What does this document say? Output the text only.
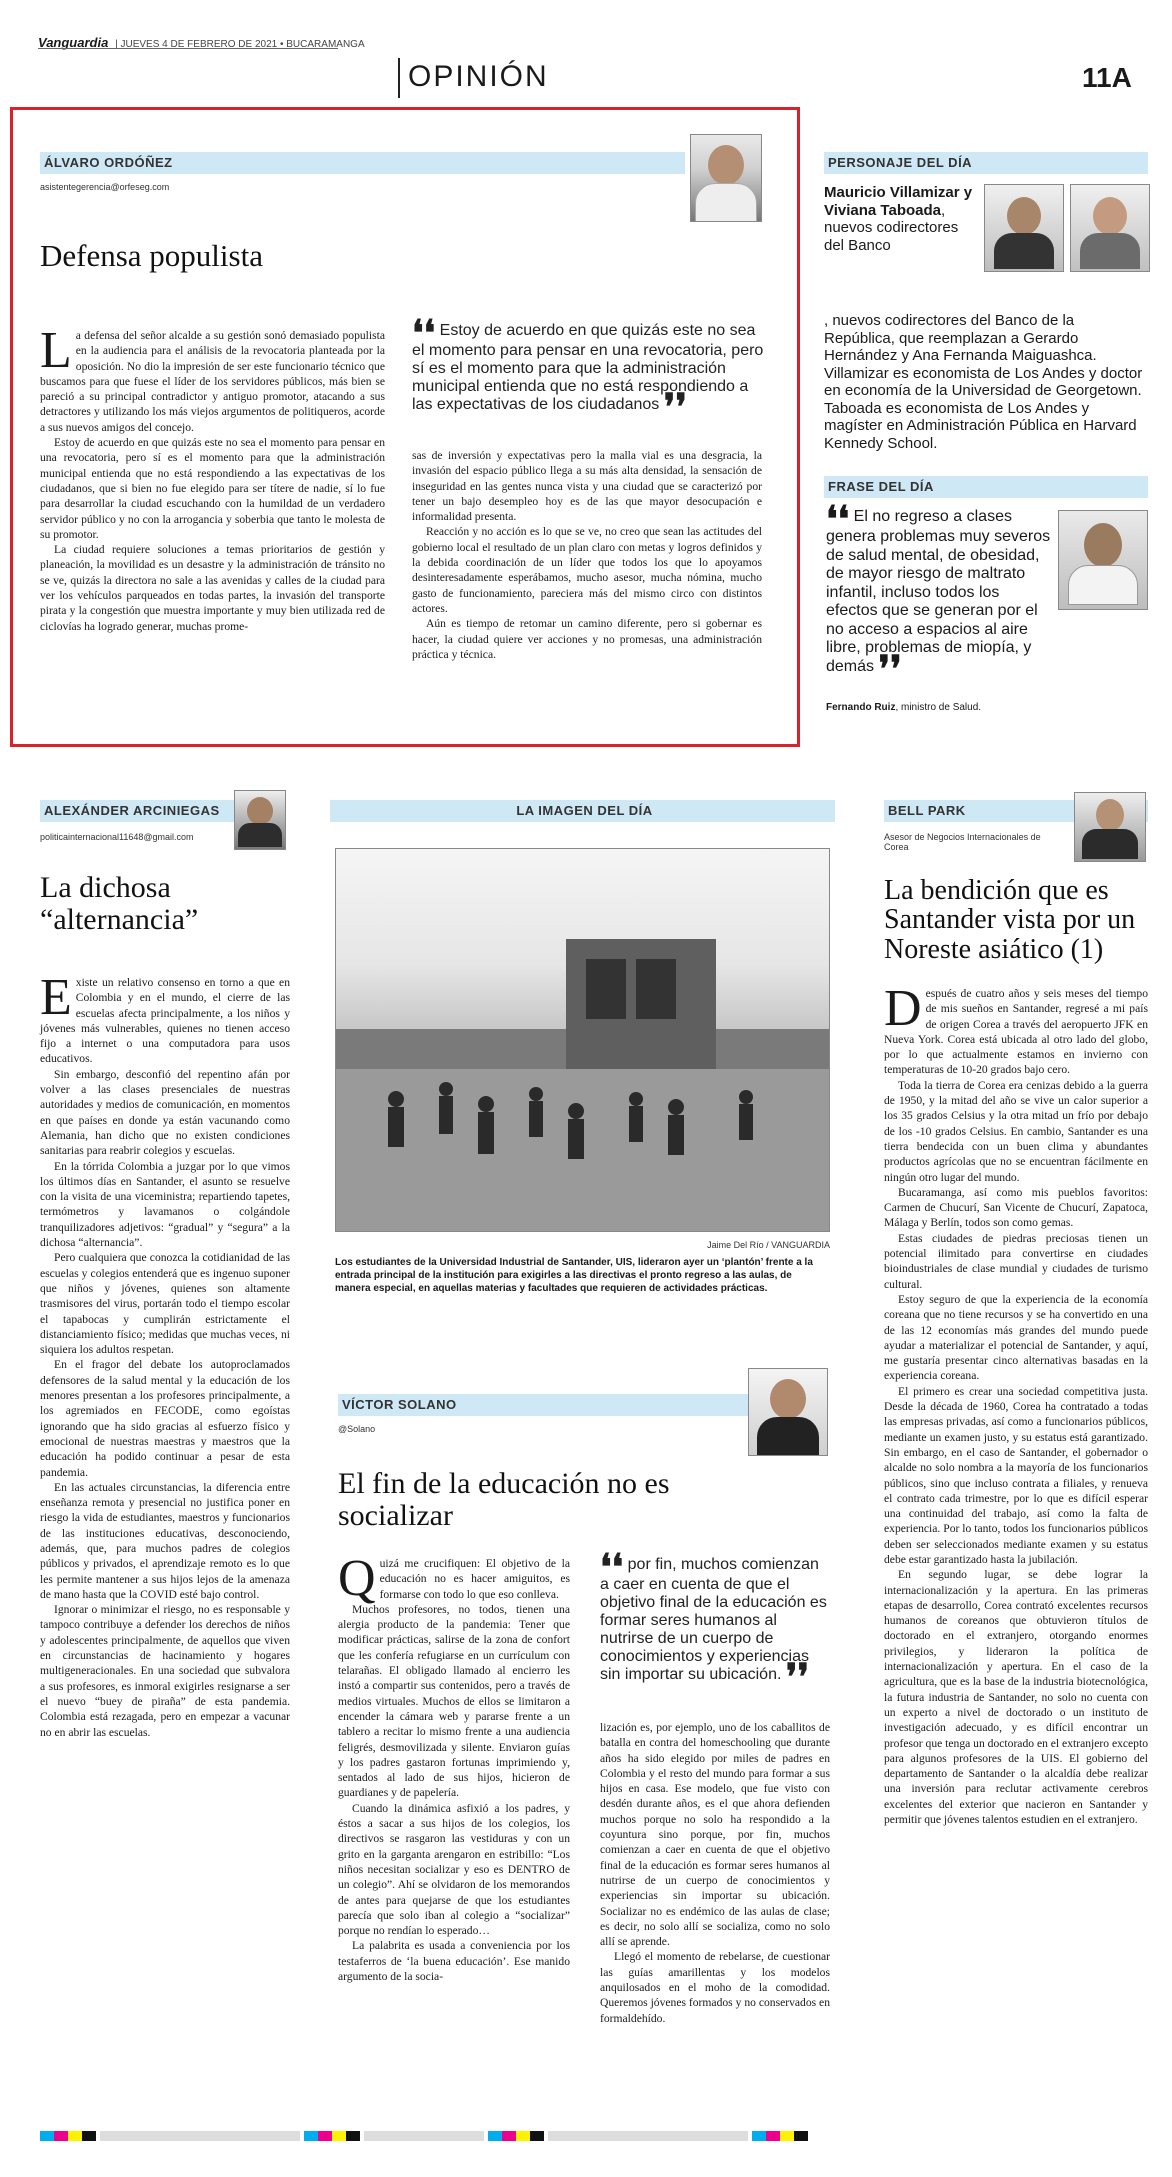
Vanguardia  | JUEVES 4 DE FEBRERO DE 2021 • BUCARAMANGA
OPINIÓN	11A
ÁLVARO ORDÓÑEZ
asistentegerencia@orfeseg.com
Defensa populista

La defensa del señor alcalde a su gestión sonó demasiado populista en la audiencia para el análisis de la revocatoria planteada por la oposición. No dio la impresión de ser este funcionario técnico que buscamos para que fuese el líder de los servidores públicos, más bien se pareció a su principal contradictor y antiguo promotor, atacando a sus detractores y utilizando los más viejos argumentos de politiqueros, acorde a sus nuevos amigos del concejo.

Estoy de acuerdo en que quizás este no sea el momento para pensar en una revocatoria, pero sí es el momento para que la administración municipal entienda que no está respondiendo a las expectativas de los ciudadanos, que si bien no fue elegido para ser títere de nadie, sí lo fue para desarrollar la ciudad escuchando con la humildad de un verdadero servidor público y no con la arrogancia y soberbia que tanto le molesta de su promotor.

La ciudad requiere soluciones a temas prioritarios de gestión y planeación, la movilidad es un desastre y la administración de tránsito no se ve, quizás la directora no sale a las avenidas y calles de la ciudad para ver los vehículos parqueados en todas partes, la invasión del transporte pirata y la congestión que muestra importante y muy bien utilizada red de ciclovías ha logrado generar, muchas prome-

❛❛ Estoy de acuerdo en que quizás este no sea el momento para pensar en una revocatoria, pero sí es el momento para que la administración municipal entienda que no está respondiendo a las expectativas de los ciudadanos ❜❜

sas de inversión y expectativas pero la malla vial es una desgracia, la invasión del espacio público llega a su más alta densidad, la sensación de inseguridad en las gentes nunca vista y una ciudad que se caracterizó por tener un bajo desempleo hoy es de las que mayor desocupación e informalidad presenta.

Reacción y no acción es lo que se ve, no creo que sean las actitudes del gobierno local el resultado de un plan claro con metas y logros definidos y la debida coordinación de un líder que todos los que lo apoyamos desinteresadamente esperábamos, mucho asesor, mucha nómina, mucho gasto de funcionamiento, pareciera más del mismo circo con distintos actores.

Aún es tiempo de retomar un camino diferente, pero si gobernar es hacer, la ciudad quiere ver acciones y no promesas, una administración práctica y técnica.

PERSONAJE DEL DÍA
Mauricio Villamizar y Viviana Taboada, nuevos codirectores del Banco
, nuevos codirectores del Banco de la República, que reemplazan a Gerardo Hernández y Ana Fernanda Maiguashca. Villamizar es economista de Los Andes y doctor en economía de la Universidad de Georgetown. Taboada es economista de Los Andes y magíster en Administración Pública en Harvard Kennedy School.
FRASE DEL DÍA
❛❛ El no regreso a clases genera problemas muy severos de salud mental, de obesidad, de mayor riesgo de maltrato infantil, incluso todos los efectos que se generan por el no acceso a espacios al aire libre, problemas de miopía, y demás ❜❜
Fernando Ruiz, ministro de Salud.
ALEXÁNDER ARCINIEGAS
politicainternacional11648@gmail.com
La dichosa “alternancia”

Existe un relativo consenso en torno a que en Colombia y en el mundo, el cierre de las escuelas afecta principalmente, a los niños y jóvenes más vulnerables, quienes no tienen acceso fijo a internet o una computadora para usos educativos.

Sin embargo, desconfió del repentino afán por volver a las clases presenciales de nuestras autoridades y medios de comunicación, en momentos en que países en donde ya están vacunando como Alemania, han dicho que no existen condiciones sanitarias para reabrir colegios y escuelas.

En la tórrida Colombia a juzgar por lo que vimos los últimos días en Santander, el asunto se resuelve con la visita de una viceministra; repartiendo tapetes, termómetros y lavamanos o colgándole tranquilizadores adjetivos: “gradual” y “segura” a la dichosa “alternancia”.

Pero cualquiera que conozca la cotidianidad de las escuelas y colegios entenderá que es ingenuo suponer que niños y jóvenes, quienes son altamente trasmisores del virus, portarán todo el tiempo escolar el tapabocas y cumplirán estrictamente el distanciamiento físico; medidas que muchas veces, ni siquiera los adultos respetan.

En el fragor del debate los autoproclamados defensores de la salud mental y la educación de los menores presentan a los profesores principalmente, a los agremiados en FECODE, como egoístas ignorando que ha sido gracias al esfuerzo físico y emocional de nuestras maestras y maestros que la educación ha podido continuar a pesar de esta pandemia.

En las actuales circunstancias, la diferencia entre enseñanza remota y presencial no justifica poner en riesgo la vida de estudiantes, maestros y funcionarios de las instituciones educativas, desconociendo, además, que, para muchos padres de colegios públicos y privados, el aprendizaje remoto es lo que les permite mantener a sus hijos lejos de la amenaza de mano hasta que la COVID esté bajo control.

Ignorar o minimizar el riesgo, no es responsable y tampoco contribuye a defender los derechos de niños y adolescentes principalmente, de aquellos que viven en circunstancias de hacinamiento y hogares multigeneracionales. En una sociedad que subvalora a sus profesores, es inmoral exigirles resignarse a ser el nuevo “buey de piraña” de esta pandemia. Colombia está rezagada, pero en empezar a vacunar no en abrir las escuelas.

LA IMAGEN DEL DÍA
Jaime Del Río / VANGUARDIA
Los estudiantes de la Universidad Industrial de Santander, UIS, lideraron ayer un ‘plantón’ frente a la entrada principal de la institución para exigirles a las directivas el pronto regreso a las aulas, de manera especial, en aquellas materias y facultades que requieren de actividades prácticas.
VÍCTOR SOLANO
@Solano
El fin de la educación no es socializar

Quizá me crucifiquen: El objetivo de la educación no es hacer amiguitos, es formarse con todo lo que eso conlleva.

Muchos profesores, no todos, tienen una alergia producto de la pandemia: Tener que modificar prácticas, salirse de la zona de confort que les confería refugiarse en un currículum con telarañas. El obligado llamado al encierro les instó a compartir sus contenidos, pero a través de medios virtuales. Muchos de ellos se limitaron a encender la cámara web y pararse frente a un tablero a recitar lo mismo frente a una audiencia feligrés, desmovilizada y silente. Enviaron guías y los padres gastaron fortunas imprimiendo y, sentados al lado de sus hijos, hicieron de guardianes y de papelería.

Cuando la dinámica asfixió a los padres, y éstos a sacar a sus hijos de los colegios, los directivos se rasgaron las vestiduras y con un grito en la garganta arengaron en estribillo: “Los niños necesitan socializar y eso es DENTRO de un colegio”. Ahí se olvidaron de los memorandos de antes para quejarse de que los estudiantes parecía que solo iban al colegio a “socializar” porque no rendían lo esperado…

La palabrita es usada a conveniencia por los testaferros de ‘la buena educación’. Ese manido argumento de la socia-

❛❛ por fin, muchos comienzan a caer en cuenta de que el objetivo final de la educación es formar seres humanos al nutrirse de un cuerpo de conocimientos y experiencias sin importar su ubicación. ❜❜

lización es, por ejemplo, uno de los caballitos de batalla en contra del homeschooling que durante años ha sido elegido por miles de padres en Colombia y el resto del mundo para formar a sus hijos en casa. Ese modelo, que fue visto con desdén durante años, es el que ahora defienden muchos porque no solo ha respondido a la coyuntura sino porque, por fin, muchos comienzan a caer en cuenta de que el objetivo final de la educación es formar seres humanos al nutrirse de un cuerpo de conocimientos y experiencias sin importar su ubicación. Socializar no es endémico de las aulas de clase; es decir, no solo allí se socializa, como no solo allí se aprende.

Llegó el momento de rebelarse, de cuestionar las guías amarillentas y los modelos anquilosados en el moho de la comodidad. Queremos jóvenes formados y no conservados en formaldehído.

BELL PARK
Asesor de Negocios Internacionales de Corea
La bendición que es Santander vista por un Noreste asiático (1)

Después de cuatro años y seis meses del tiempo de mis sueños en Santander, regresé a mi país de origen Corea a través del aeropuerto JFK en Nueva York. Corea está ubicada al otro lado del globo, por lo que actualmente estamos en invierno con temperaturas de 10-20 grados bajo cero.

Toda la tierra de Corea era cenizas debido a la guerra de 1950, y la mitad del año se vive un calor superior a los 35 grados Celsius y la otra mitad un frío por debajo de los -10 grados Celsius. En cambio, Santander es una tierra bendecida con un buen clima y abundantes productos agrícolas que no se encuentran fácilmente en ningún otro lugar del mundo.

Bucaramanga, así como mis pueblos favoritos: Carmen de Chucurí, San Vicente de Chucurí, Zapatoca, Málaga y Berlín, todos son como gemas.

Estas ciudades de piedras preciosas tienen un potencial ilimitado para convertirse en ciudades bioindustriales de clase mundial y ciudades de turismo cultural.

Estoy seguro de que la experiencia de la economía coreana que no tiene recursos y se ha convertido en una de las 12 economías más grandes del mundo puede ayudar a materializar el potencial de Santander, y aquí, me gustaría presentar cinco alternativas basadas en la experiencia coreana.

El primero es crear una sociedad competitiva justa. Desde la década de 1960, Corea ha contratado a todas las empresas privadas, así como a funcionarios públicos, mediante un examen justo, y su estatus está garantizado. Sin embargo, en el caso de Santander, el gobernador o alcalde no solo nombra a la mayoría de los funcionarios públicos, sino que incluso contrata a filiales, y renueva el contrato cada trimestre, por lo que es difícil esperar una continuidad del trabajo, así como la falta de experiencia. Por lo tanto, todos los funcionarios públicos deben ser seleccionados mediante examen y su estatus debe estar garantizado hasta la jubilación.

En segundo lugar, se debe lograr la internacionalización y la apertura. En las primeras etapas de desarrollo, Corea contrató excelentes recursos humanos de coreanos que obtuvieron títulos de doctorado en el extranjero, otorgando enormes privilegios, y lideraron la política de internacionalización y apertura. En el caso de la agricultura, que es la base de la industria biotecnológica, la futura industria de Santander, no solo no cuenta con un experto a nivel de doctorado o un instituto de investigación adecuado, y es difícil encontrar un profesor que tenga un doctorado en el extranjero excepto para algunos profesores de la UIS. El gobierno del departamento de Santander o la alcaldía debe realizar una inversión para reclutar activamente cerebros excelentes del exterior que nacieron en Santander y permitir que jóvenes talentos estudien en el extranjero.
